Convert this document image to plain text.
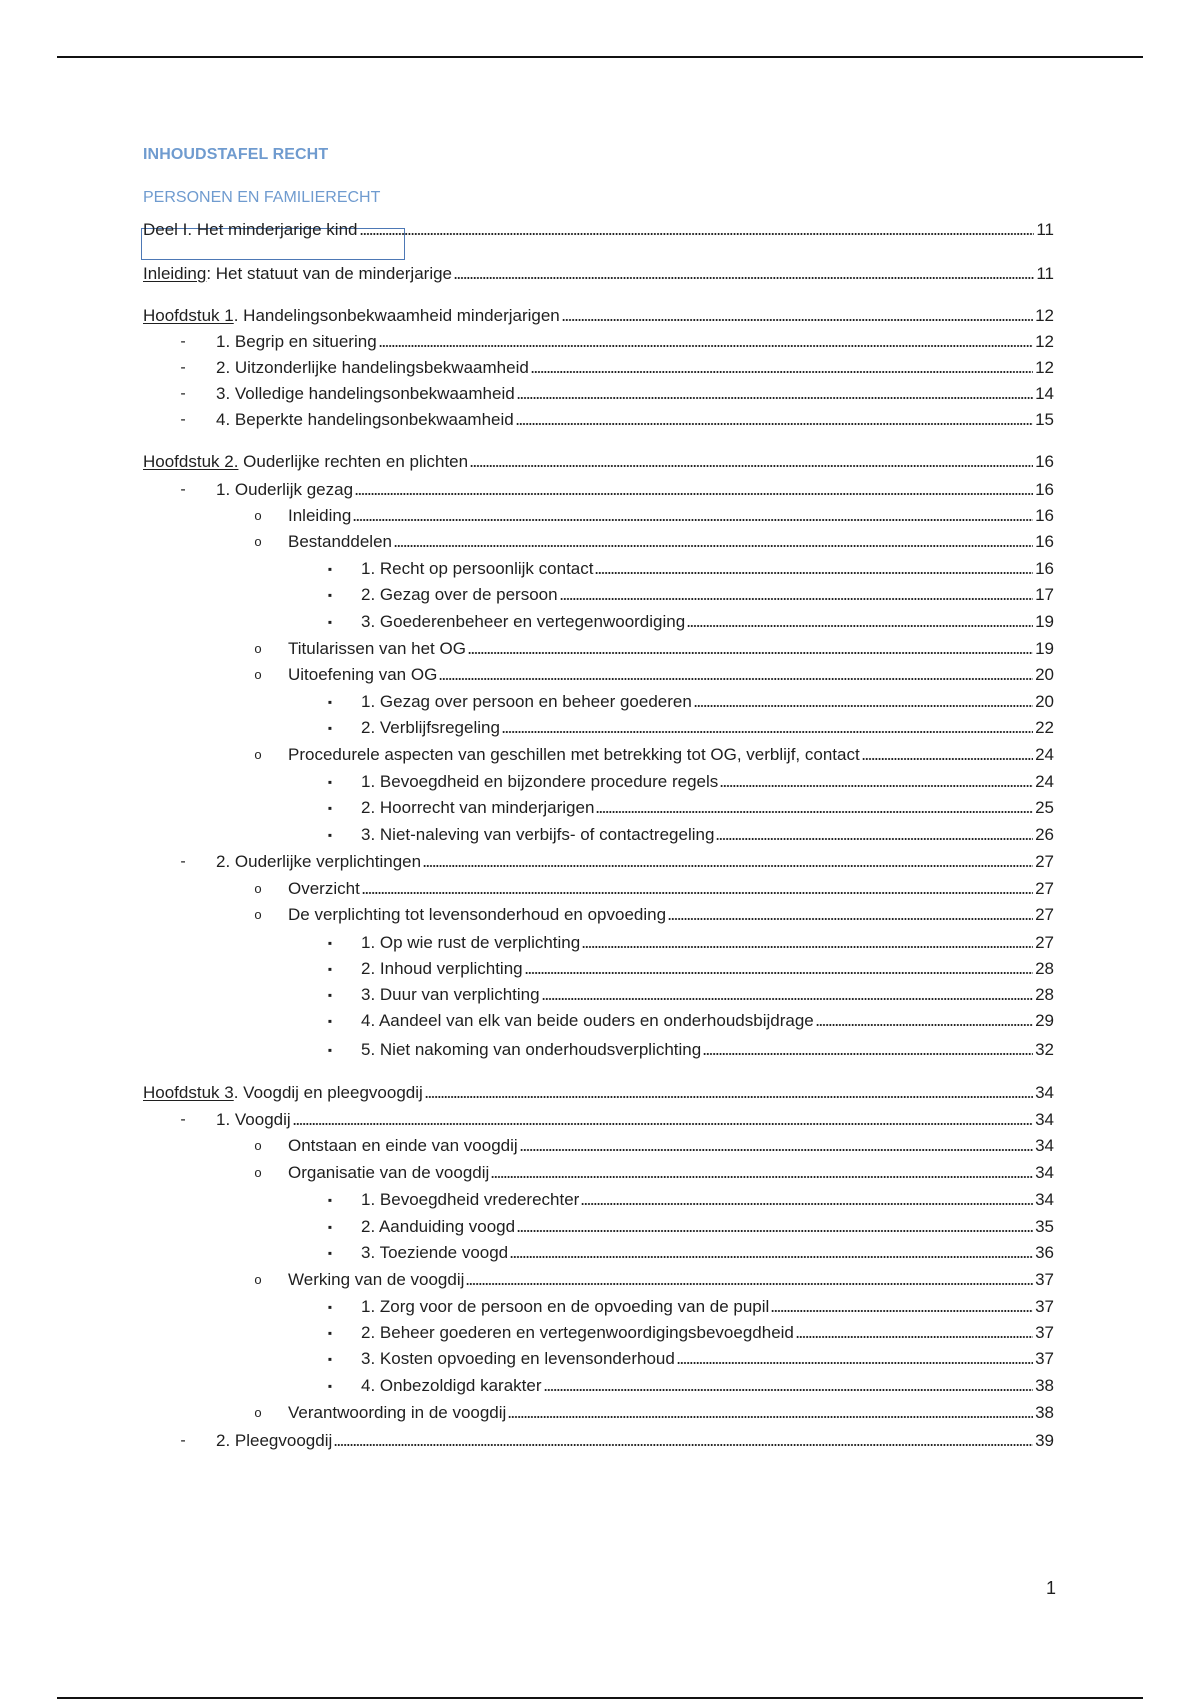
INHOUDSTAFEL RECHT
PERSONEN EN FAMILIERECHT
Deel I. Het minderjarige kind	11
Inleiding: Het statuut van de minderjarige	11
Hoofdstuk 1. Handelingsonbekwaamheid minderjarigen	12
- 1. Begrip en situering	12
- 2. Uitzonderlijke handelingsbekwaamheid	12
- 3. Volledige handelingsonbekwaamheid	14
- 4. Beperkte handelingsonbekwaamheid	15
Hoofdstuk 2. Ouderlijke rechten en plichten	16
- 1. Ouderlijk gezag	16
o Inleiding	16
o Bestanddelen	16
▪ 1. Recht op persoonlijk contact	16
▪ 2. Gezag over de persoon	17
▪ 3. Goederenbeheer en vertegenwoordiging	19
o Titularissen van het OG	19
o Uitoefening van OG	20
▪ 1. Gezag over persoon en beheer goederen	20
▪ 2. Verblijfsregeling	22
o Procedurele aspecten van geschillen met betrekking tot OG, verblijf, contact	24
▪ 1. Bevoegdheid en bijzondere procedure regels	24
▪ 2. Hoorrecht van minderjarigen	25
▪ 3. Niet-naleving van verbijfs- of contactregeling	26
- 2. Ouderlijke verplichtingen	27
o Overzicht	27
o De verplichting tot levensonderhoud en opvoeding	27
▪ 1. Op wie rust de verplichting	27
▪ 2. Inhoud verplichting	28
▪ 3. Duur van verplichting	28
▪ 4. Aandeel van elk van beide ouders en onderhoudsbijdrage	29
▪ 5. Niet nakoming van onderhoudsverplichting	32
Hoofdstuk 3. Voogdij en pleegvoogdij	34
- 1. Voogdij	34
o Ontstaan en einde van voogdij	34
o Organisatie van de voogdij	34
▪ 1. Bevoegdheid vrederechter	34
▪ 2. Aanduiding voogd	35
▪ 3. Toeziende voogd	36
o Werking van de voogdij	37
▪ 1. Zorg voor de persoon en de opvoeding van de pupil	37
▪ 2. Beheer goederen en vertegenwoordigingsbevoegdheid	37
▪ 3. Kosten opvoeding en levensonderhoud	37
▪ 4. Onbezoldigd karakter	38
o Verantwoording in de voogdij	38
- 2. Pleegvoogdij	39
1
